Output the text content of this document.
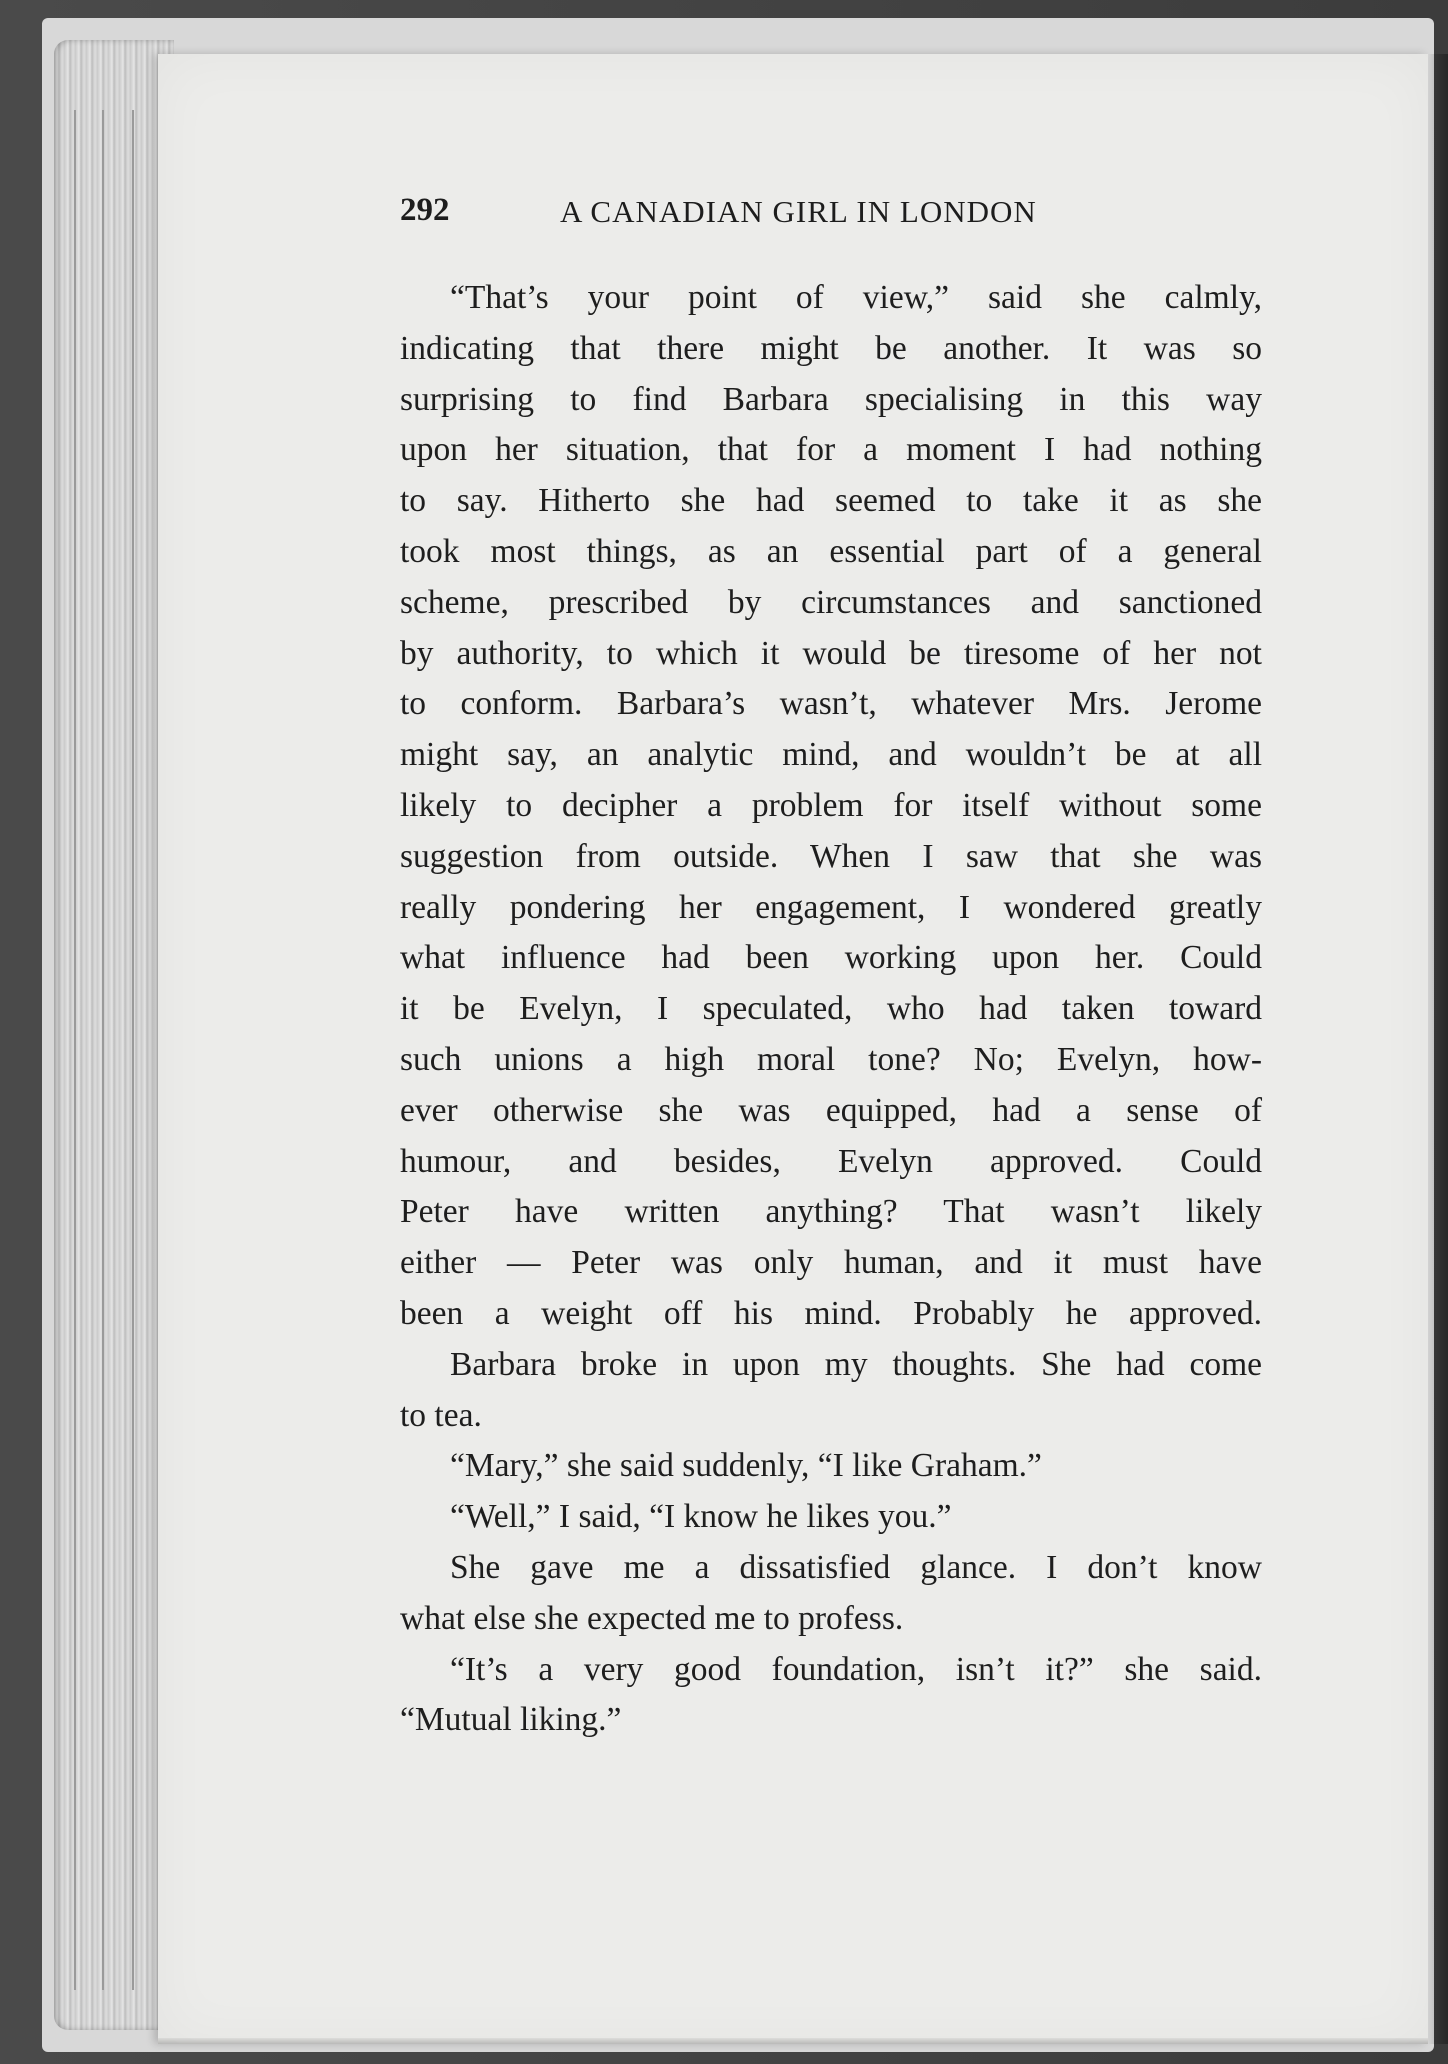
292	A CANADIAN GIRL IN LONDON
“That’s your point of view,” said she calmly,
indicating that there might be another. It was so
surprising to find Barbara specialising in this way
upon her situation, that for a moment I had nothing
to say. Hitherto she had seemed to take it as she
took most things, as an essential part of a general
scheme, prescribed by circumstances and sanctioned
by authority, to which it would be tiresome of her not
to conform. Barbara’s wasn’t, whatever Mrs. Jerome
might say, an analytic mind, and wouldn’t be at all
likely to decipher a problem for itself without some
suggestion from outside. When I saw that she was
really pondering her engagement, I wondered greatly
what influence had been working upon her. Could
it be Evelyn, I speculated, who had taken toward
such unions a high moral tone? No; Evelyn, how-
ever otherwise she was equipped, had a sense of
humour, and besides, Evelyn approved. Could
Peter have written anything? That wasn’t likely
either — Peter was only human, and it must have
been a weight off his mind. Probably he approved.
Barbara broke in upon my thoughts. She had come
to tea.
“Mary,” she said suddenly, “I like Graham.”
“Well,” I said, “I know he likes you.”
She gave me a dissatisfied glance. I don’t know
what else she expected me to profess.
“It’s a very good foundation, isn’t it?” she said.
“Mutual liking.”
